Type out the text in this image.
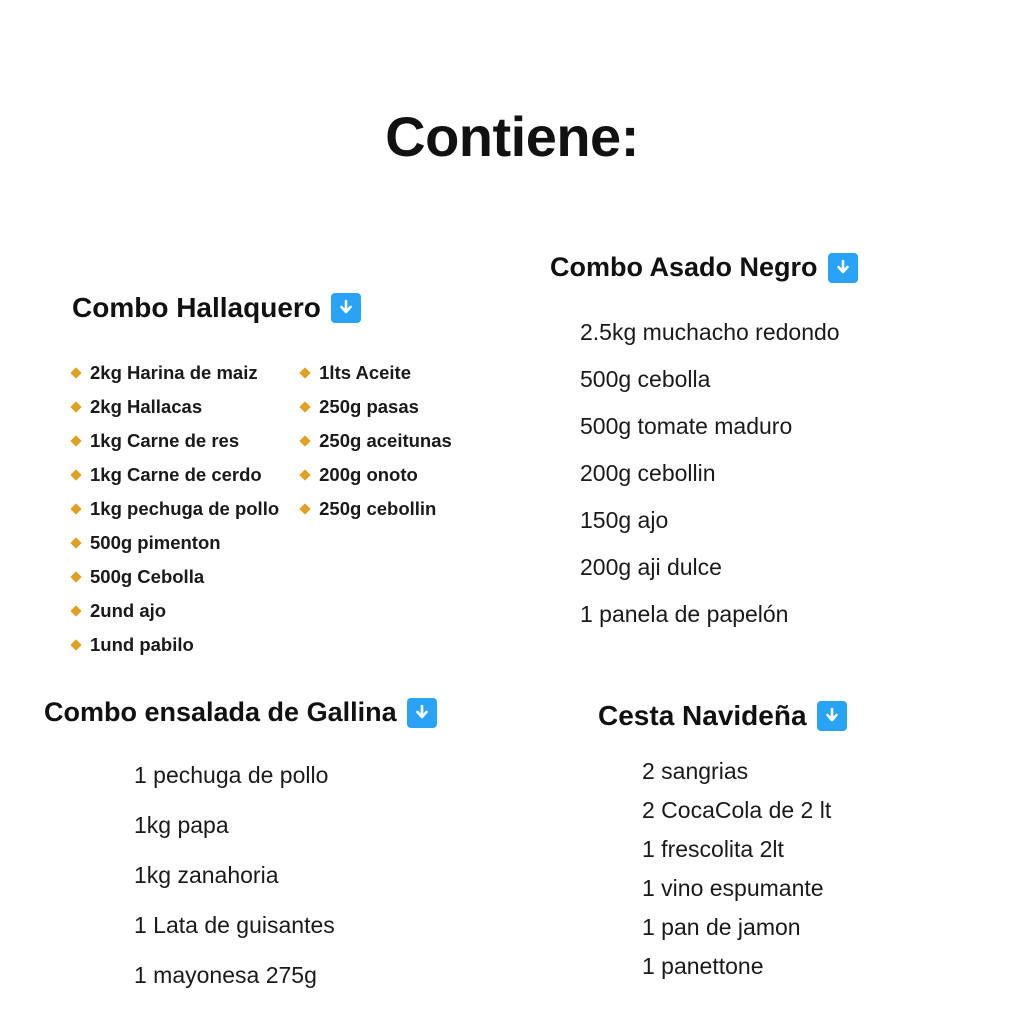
Contiene:
Combo Hallaquero
2kg Harina de maiz
2kg Hallacas
1kg Carne de res
1kg Carne de cerdo
1kg pechuga de pollo
500g pimenton
500g Cebolla
2und ajo
1und pabilo
1lts Aceite
250g pasas
250g aceitunas
200g onoto
250g cebollin
Combo Asado Negro
2.5kg muchacho redondo
500g cebolla
500g tomate maduro
200g cebollin
150g ajo
200g aji dulce
1 panela de papelón
Combo ensalada de Gallina
1 pechuga de pollo
1kg papa
1kg zanahoria
1 Lata de guisantes
1 mayonesa 275g
Cesta Navideña
2 sangrias
2 CocaCola de 2 lt
1 frescolita 2lt
1 vino espumante
1 pan de jamon
1 panettone
